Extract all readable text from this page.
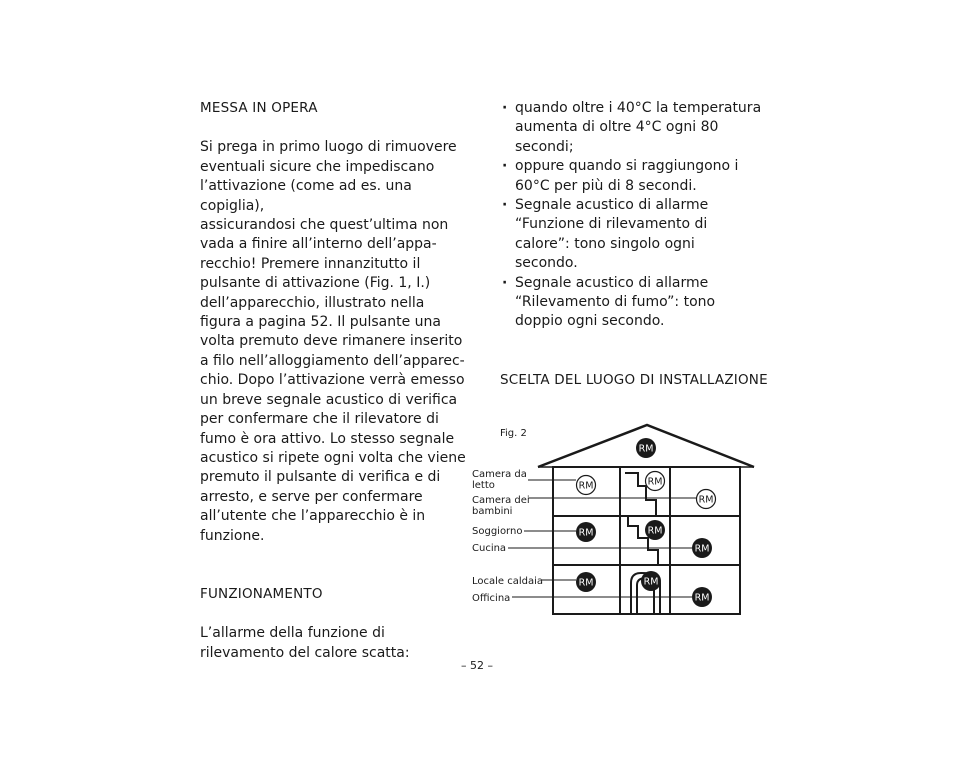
MESSA IN OPERA

Si prega in primo luogo di rimuovere
eventuali sicure che impediscano
l’attivazione (come ad es. una copiglia),
assicurandosi che quest’ultima non
vada a finire all’interno dell’appa-
recchio! Premere innanzitutto il
pulsante di attivazione (Fig. 1, I.)
dell’apparecchio, illustrato nella
figura a pagina 52. Il pulsante una
volta premuto deve rimanere inserito
a filo nell’alloggiamento dell’apparec-
chio. Dopo l’attivazione verrà emesso
un breve segnale acustico di verifica
per confermare che il rilevatore di
fumo è ora attivo. Lo stesso segnale
acustico si ripete ogni volta che viene
premuto il pulsante di verifica e di
arresto, e serve per confermare
all’utente che l’apparecchio è in
funzione.

FUNZIONAMENTO

L’allarme della funzione di
rilevamento del calore scatta:

· quando oltre i 40°C la temperatura
aumenta di oltre 4°C ogni 80
secondi;
· oppure quando si raggiungono i
60°C per più di 8 secondi.
· Segnale acustico di allarme
“Funzione di rilevamento di
calore”: tono singolo ogni
secondo.
· Segnale acustico di allarme
“Rilevamento di fumo”: tono
doppio ogni secondo.

SCELTA DEL LUOGO DI INSTALLAZIONE

Fig. 2
Camera da
letto
Camera dei
bambini
Soggiorno
Cucina
Locale caldaia
Officina
RM	RM
RM
RM
RM	RM
RM
RM	RM
RM
– 52 –
